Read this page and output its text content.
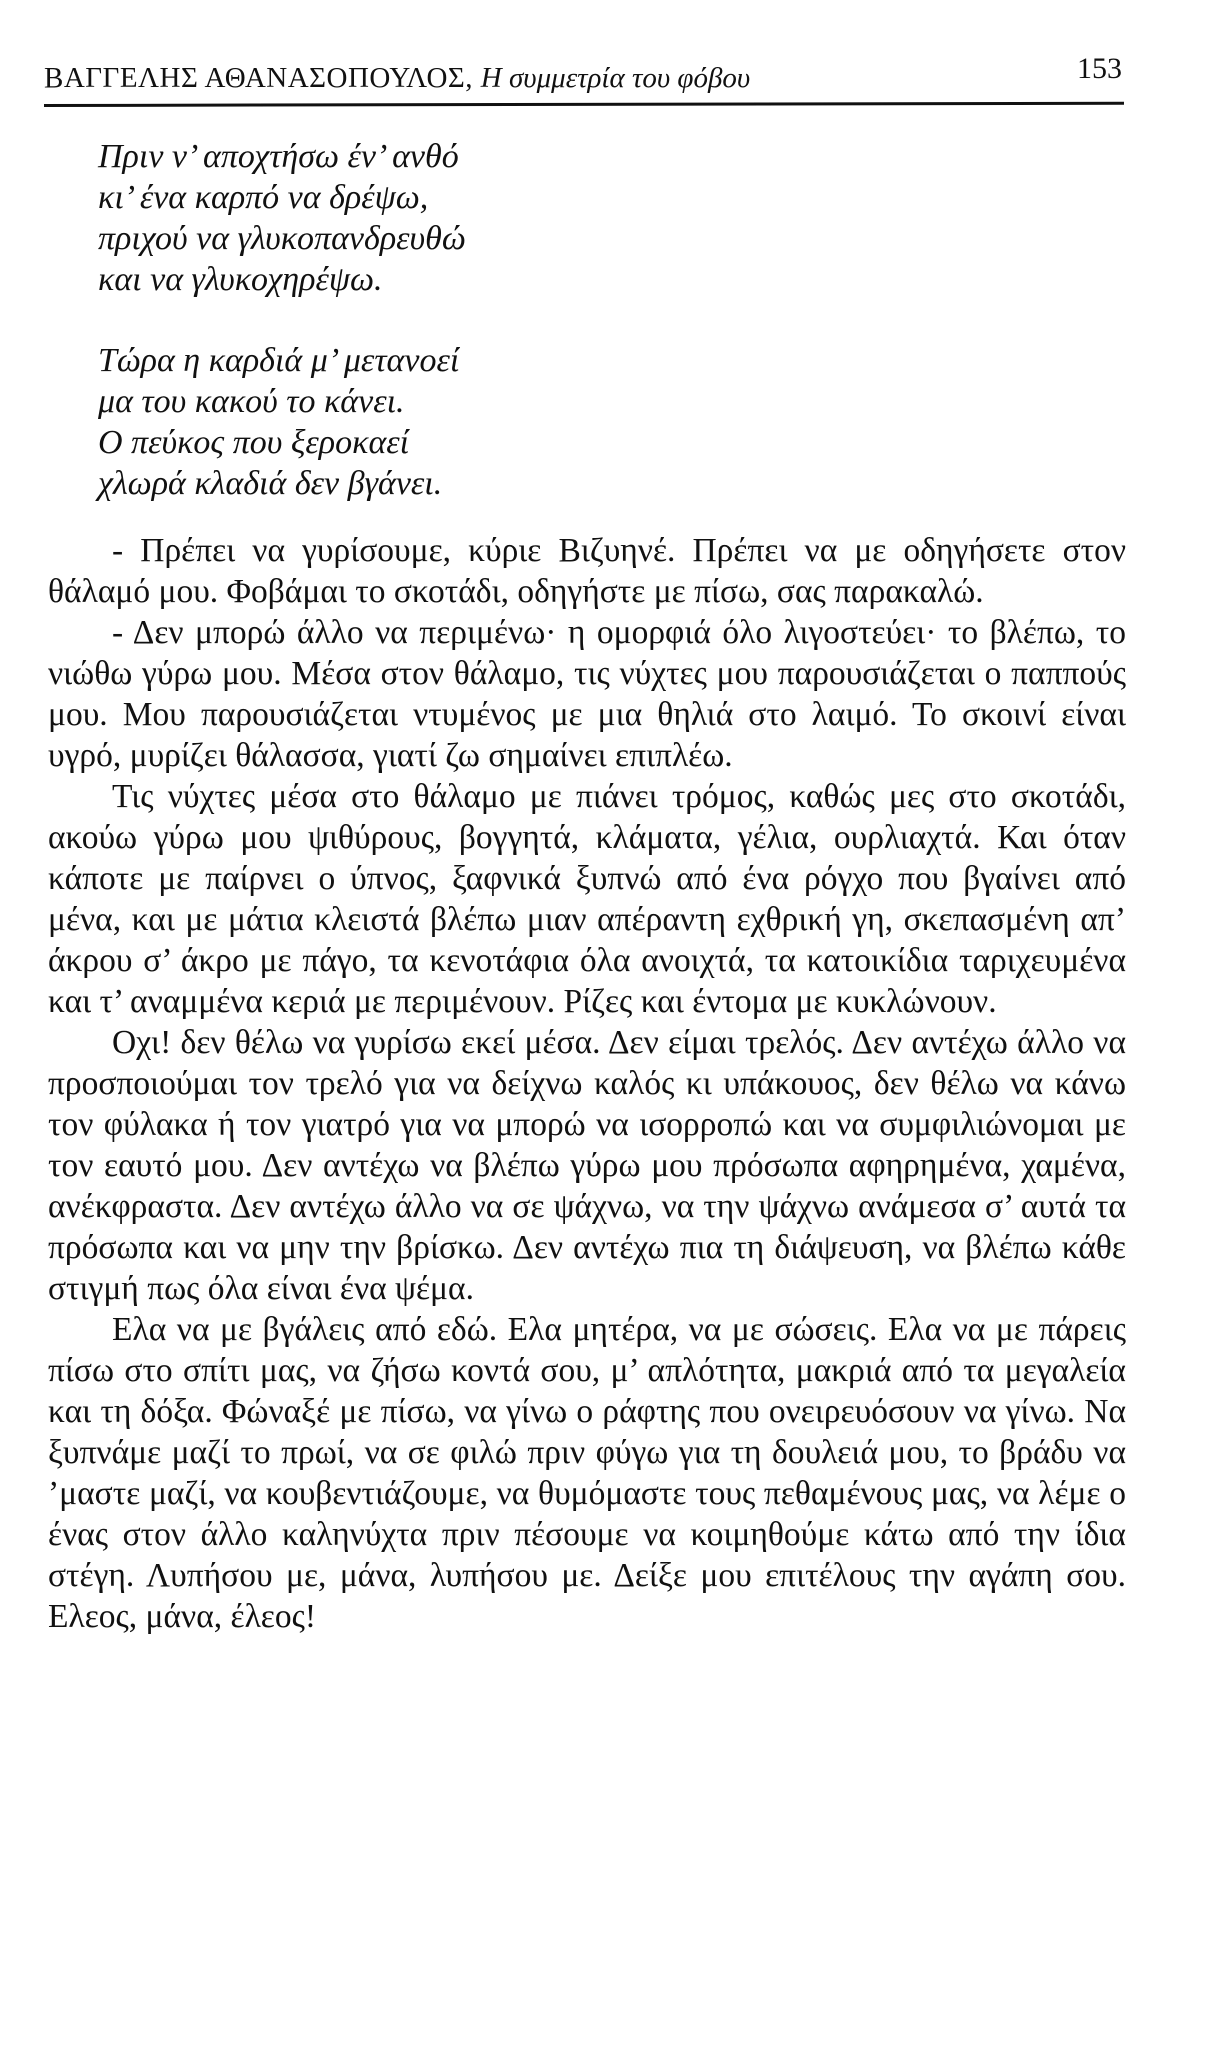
ΒΑΓΓΕΛΗΣ ΑΘΑΝΑΣΟΠΟΥΛΟΣ, Η συμμετρία του φόβου	153
Πριν ν’ αποχτήσω έν’ ανθό
κι’ ένα καρπό να δρέψω,
πριχού να γλυκοπανδρευθώ
και να γλυκοχηρέψω.
Τώρα η καρδιά μ’ μετανοεί
μα του κακού το κάνει.
Ο πεύκος που ξεροκαεί
χλωρά κλαδιά δεν βγάνει.

- Πρέπει να γυρίσουμε, κύριε Βιζυηνέ. Πρέπει να με οδηγήσετε στον θάλαμό μου. Φοβάμαι το σκοτάδι, οδηγήστε με πίσω, σας παρακαλώ.

- Δεν μπορώ άλλο να περιμένω· η ομορφιά όλο λιγοστεύει· το βλέπω, το νιώθω γύρω μου. Μέσα στον θάλαμο, τις νύχτες μου παρουσιάζεται ο παππούς μου. Μου παρουσιάζεται ντυμένος με μια θηλιά στο λαιμό. Το σκοινί είναι υγρό, μυρίζει θάλασσα, γιατί ζω σημαίνει επιπλέω.

Τις νύχτες μέσα στο θάλαμο με πιάνει τρόμος, καθώς μες στο σκοτάδι, ακούω γύρω μου ψιθύρους, βογγητά, κλάματα, γέλια, ουρλιαχτά. Και όταν κάποτε με παίρνει ο ύπνος, ξαφνικά ξυπνώ από ένα ρόγχο που βγαίνει από μένα, και με μάτια κλειστά βλέπω μιαν απέραντη εχθρική γη, σκεπασμένη απ’ άκρου σ’ άκρο με πάγο, τα κενοτάφια όλα ανοιχτά, τα κατοικίδια ταριχευμένα και τ’ αναμμένα κεριά με περιμένουν. Ρίζες και έντομα με κυκλώνουν.

Οχι! δεν θέλω να γυρίσω εκεί μέσα. Δεν είμαι τρελός. Δεν αντέχω άλλο να προσποιούμαι τον τρελό για να δείχνω καλός κι υπάκουος, δεν θέλω να κάνω τον φύλακα ή τον γιατρό για να μπορώ να ισορροπώ και να συμφιλιώνομαι με τον εαυτό μου. Δεν αντέχω να βλέπω γύρω μου πρόσωπα αφηρημένα, χαμένα, ανέκφραστα. Δεν αντέχω άλλο να σε ψάχνω, να την ψάχνω ανάμεσα σ’ αυτά τα πρόσωπα και να μην την βρίσκω. Δεν αντέχω πια τη διάψευση, να βλέπω κάθε στιγμή πως όλα είναι ένα ψέμα.

Ελα να με βγάλεις από εδώ. Ελα μητέρα, να με σώσεις. Ελα να με πάρεις πίσω στο σπίτι μας, να ζήσω κοντά σου, μ’ απλότητα, μακριά από τα μεγαλεία και τη δόξα. Φώναξέ με πίσω, να γίνω ο ράφτης που ονειρευόσουν να γίνω. Να ξυπνάμε μαζί το πρωί, να σε φιλώ πριν φύγω για τη δουλειά μου, το βράδυ να ’μαστε μαζί, να κουβεντιάζουμε, να θυμόμαστε τους πεθαμένους μας, να λέμε ο ένας στον άλλο καληνύχτα πριν πέσουμε να κοιμηθούμε κάτω από την ίδια στέγη. Λυπήσου με, μάνα, λυπήσου με. Δείξε μου επιτέλους την αγάπη σου. Ελεος, μάνα, έλεος!
